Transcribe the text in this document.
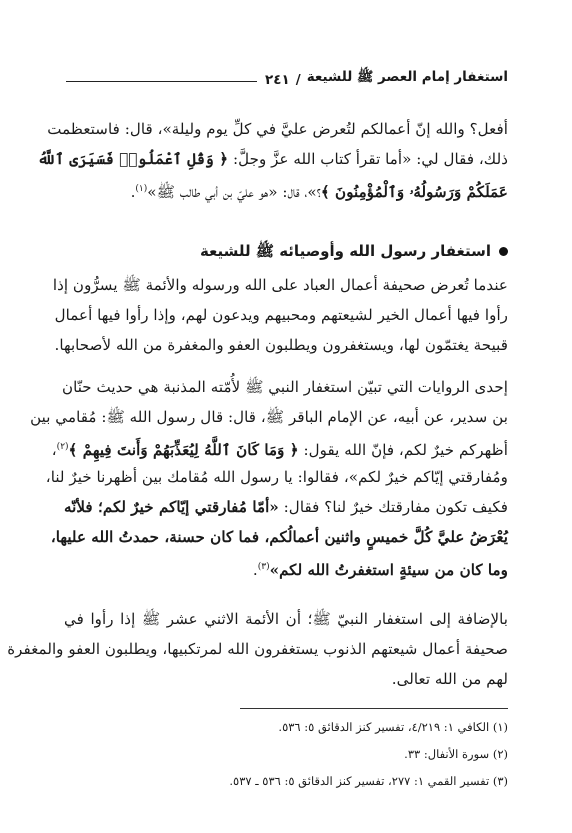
استغفار إمام العصر ﷺ للشيعة
/
٢٤١
أفعل؟ والله إنّ أعمالكم لتُعرض عليَّ في كلِّ يوم وليلة»، قال: فاستعظمت
ذلك، فقال لي: «أما تقرأ كتاب الله عزَّ وجلَّ: ﴿ وَقُلِ ٱعْمَلُوا۟ فَسَيَرَى ٱللَّهُ
عَمَلَكُمْ وَرَسُولُهُۥ وَٱلْمُؤْمِنُونَ ﴾؟»، قال: «هو عليّ بن أبي طالب ﷺ»$^{(١)}$.
استغفار رسول الله وأوصيائه ﷺ للشيعة
عندما تُعرض صحيفة أعمال العباد على الله ورسوله والأئمة ﷺ يسرُّون إذا
رأوا فيها أعمال الخير لشيعتهم ومحبيهم ويدعون لهم، وإذا رأوا فيها أعمال
قبيحة يغتمّون لها، ويستغفرون ويطلبون العفو والمغفرة من الله لأصحابها.
إحدى الروايات التي تبيّن استغفار النبي ﷺ لأُمّته المذنبة هي حديث حنّان
بن سدير، عن أبيه، عن الإمام الباقر ﷺ، قال: قال رسول الله ﷺ: مُقامي بين
أظهركم خيرٌ لكم، فإنّ الله يقول: ﴿ وَمَا كَانَ ٱللَّهُ لِيُعَذِّبَهُمْ وَأَنتَ فِيهِمْ ﴾$^{(٢)}$،
ومُفارقتي إيّاكم خيرٌ لكم»، فقالوا: يا رسول الله مُقامك بين أظهرنا خيرٌ لنا،
فكيف تكون مفارقتك خيرٌ لنا؟ فقال: «أمّا مُفارقتي إيّاكم خيرٌ لكم؛ فلأنّه
يُعْرَضُ عليَّ كُلَّ خميسٍ واثنين أعمالُكم، فما كان حسنة، حمدتُ الله عليها،
وما كان من سيئةٍ استغفرتُ الله لكم»$^{(٣)}$.
بالإضافة إلى استغفار النبيّ ﷺ؛ أن الأئمة الاثني عشر ﷺ إذا رأوا في
صحيفة أعمال شيعتهم الذنوب يستغفرون الله لمرتكبيها، ويطلبون العفو والمغفرة
لهم من الله تعالى.
(١) الكافي ١: ٤/٢١٩، تفسير كنز الدقائق ٥: ٥٣٦.
(٢) سورة الأنفال: ٣٣.
(٣) تفسير القمي ١: ٢٧٧، تفسير كنز الدقائق ٥: ٥٣٦ ـ ٥٣٧.
